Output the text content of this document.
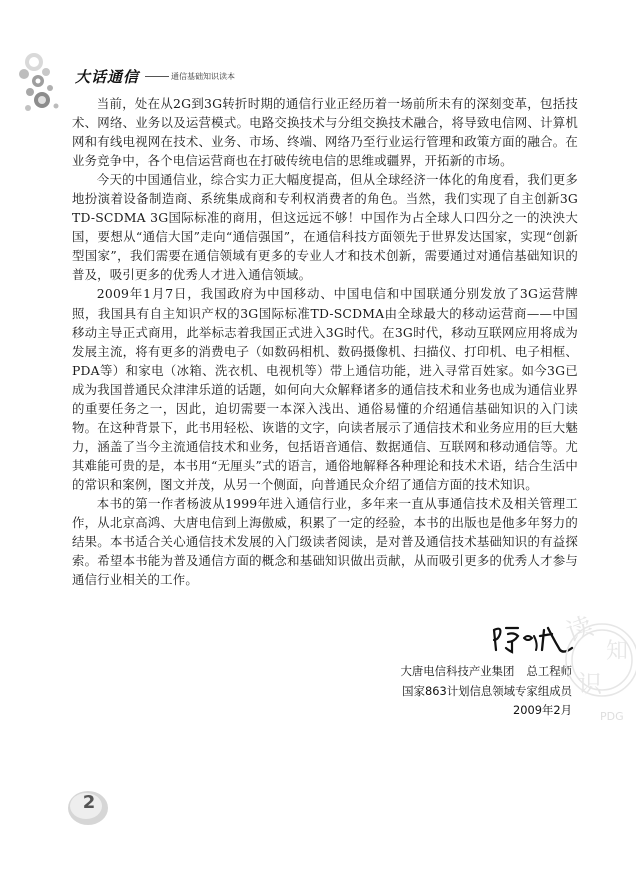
大话通信	通信基础知识读本

当前，处在从2G到3G转折时期的通信行业正经历着一场前所未有的深刻变革，包括技术、网络、业务以及运营模式。电路交换技术与分组交换技术融合，将导致电信网、计算机网和有线电视网在技术、业务、市场、终端、网络乃至行业运行管理和政策方面的融合。在业务竞争中，各个电信运营商也在打破传统电信的思维或疆界，开拓新的市场。

今天的中国通信业，综合实力正大幅度提高，但从全球经济一体化的角度看，我们更多地扮演着设备制造商、系统集成商和专利权消费者的角色。当然，我们实现了自主创新3G TD-SCDMA 3G国际标准的商用，但这远远不够！中国作为占全球人口四分之一的泱泱大国，要想从“通信大国”走向“通信强国”，在通信科技方面领先于世界发达国家，实现“创新型国家”，我们需要在通信领域有更多的专业人才和技术创新，需要通过对通信基础知识的普及，吸引更多的优秀人才进入通信领域。

2009年1月7日，我国政府为中国移动、中国电信和中国联通分别发放了3G运营牌照，我国具有自主知识产权的3G国际标准TD-SCDMA由全球最大的移动运营商——中国移动主导正式商用，此举标志着我国正式进入3G时代。在3G时代，移动互联网应用将成为发展主流，将有更多的消费电子（如数码相机、数码摄像机、扫描仪、打印机、电子相框、PDA等）和家电（冰箱、洗衣机、电视机等）带上通信功能，进入寻常百姓家。如今3G已成为我国普通民众津津乐道的话题，如何向大众解释诸多的通信技术和业务也成为通信业界的重要任务之一，因此，迫切需要一本深入浅出、通俗易懂的介绍通信基础知识的入门读物。在这种背景下，此书用轻松、诙谐的文字，向读者展示了通信技术和业务应用的巨大魅力，涵盖了当今主流通信技术和业务，包括语音通信、数据通信、互联网和移动通信等。尤其难能可贵的是，本书用“无厘头”式的语言，通俗地解释各种理论和技术术语，结合生活中的常识和案例，图文并茂，从另一个侧面，向普通民众介绍了通信方面的技术知识。

本书的第一作者杨波从1999年进入通信行业，多年来一直从事通信技术及相关管理工作，从北京高鸿、大唐电信到上海傲威，积累了一定的经验，本书的出版也是他多年努力的结果。本书适合关心通信技术发展的入门级读者阅读，是对普及通信技术基础知识的有益探索。希望本书能为普及通信方面的概念和基础知识做出贡献，从而吸引更多的优秀人才参与通信行业相关的工作。

大唐电信科技产业集团 总工程师
国家863计划信息领域专家组成员
2009年2月
读
知
识
PDG
2
